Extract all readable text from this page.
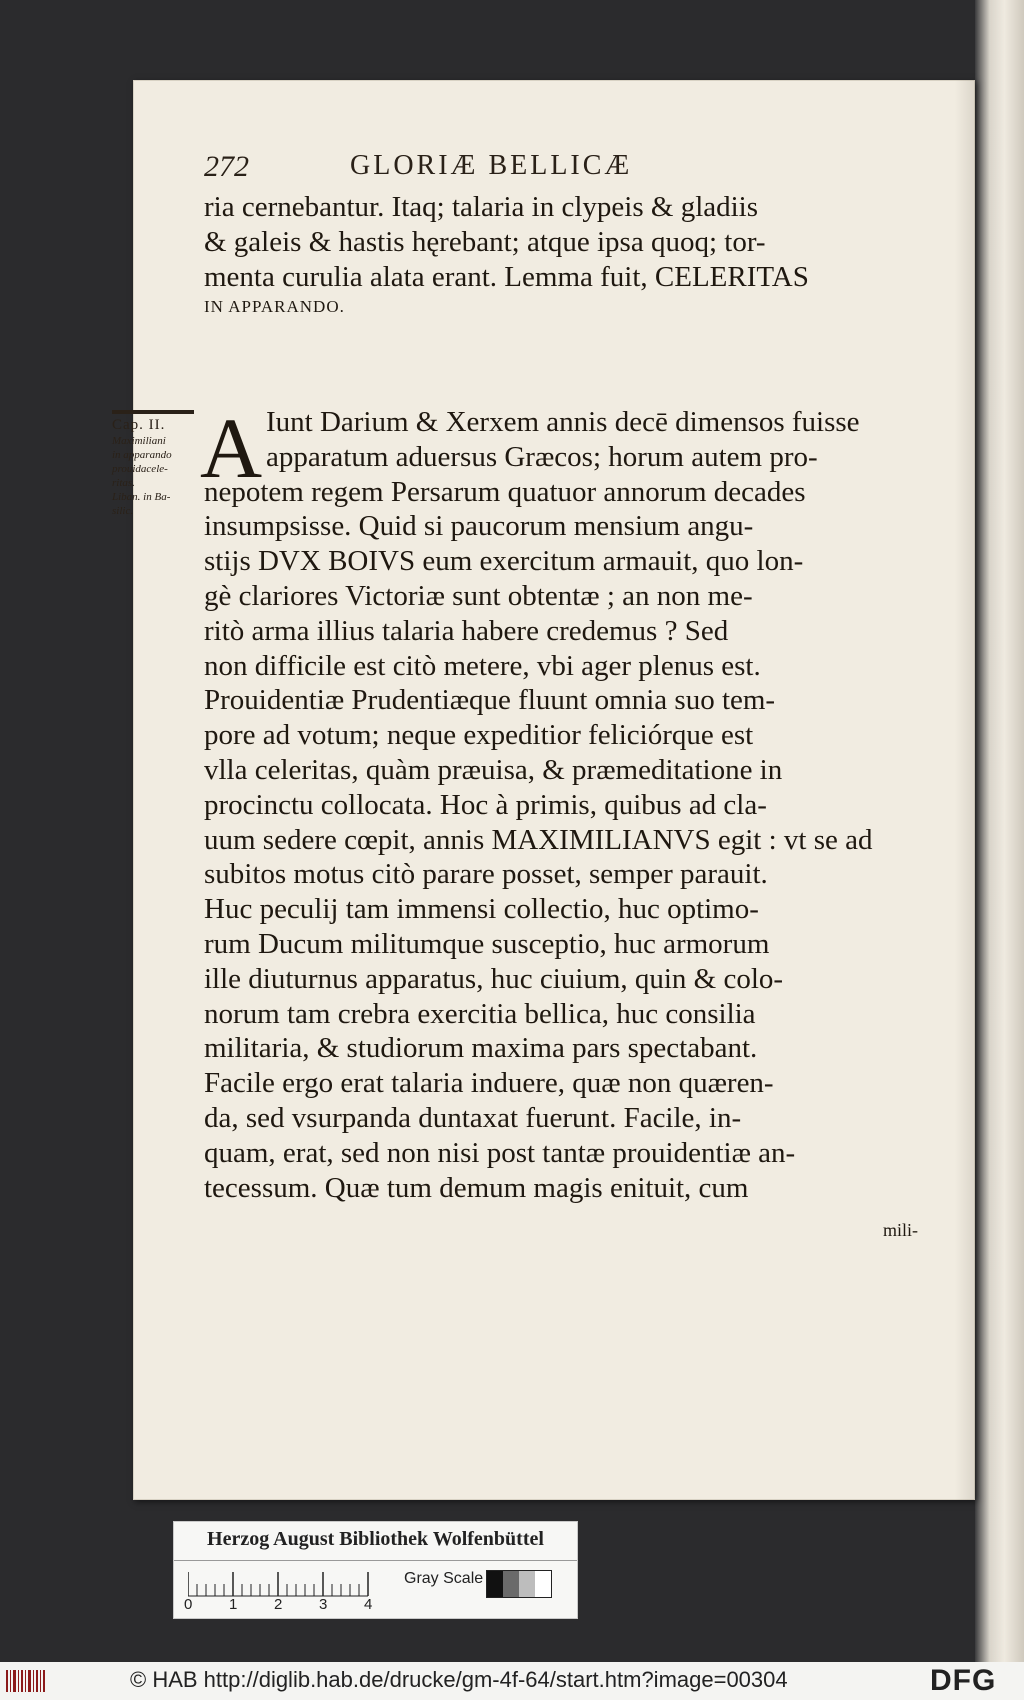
272	GLORIÆ BELLICÆ
ria cernebantur. Itaq; talaria in clypeis & gladiis
& galeis & hastis hęrebant; atque ipsa quoq; tor-
menta curulia alata erant. Lemma fuit, CELERITAS
IN APPARANDO.
Cap. II.
Maximiliani
in apparando
prouidacele-
ritas.
Liban. in Ba-
silic.
A Iunt Darium & Xerxem annis decē dimensos fuisse
apparatum aduersus Græcos; horum autem pro-
nepotem regem Persarum quatuor annorum decades
insumpsisse. Quid si paucorum mensium angu-
stijs DVX BOIVS eum exercitum armauit, quo lon-
gè clariores Victoriæ sunt obtentæ ; an non me-
ritò arma illius talaria habere credemus ? Sed
non difficile est citò metere, vbi ager plenus est.
Prouidentiæ Prudentiæque fluunt omnia suo tem-
pore ad votum; neque expeditior feliciórque est
vlla celeritas, quàm præuisa, & præmeditatione in
procinctu collocata. Hoc à primis, quibus ad cla-
uum sedere cœpit, annis MAXIMILIANVS egit : vt se ad
subitos motus citò parare posset, semper parauit.
Huc peculij tam immensi collectio, huc optimo-
rum Ducum militumque susceptio, huc armorum
ille diuturnus apparatus, huc ciuium, quin & colo-
norum tam crebra exercitia bellica, huc consilia
militaria, & studiorum maxima pars spectabant.
Facile ergo erat talaria induere, quæ non quæren-
da, sed vsurpanda duntaxat fuerunt. Facile, in-
quam, erat, sed non nisi post tantæ prouidentiæ an-
tecessum. Quæ tum demum magis enituit, cum
mili-
Herzog August Bibliothek Wolfenbüttel
0 1 2 3 4
Gray Scale
© HAB http://diglib.hab.de/drucke/gm-4f-64/start.htm?image=00304	DFG
